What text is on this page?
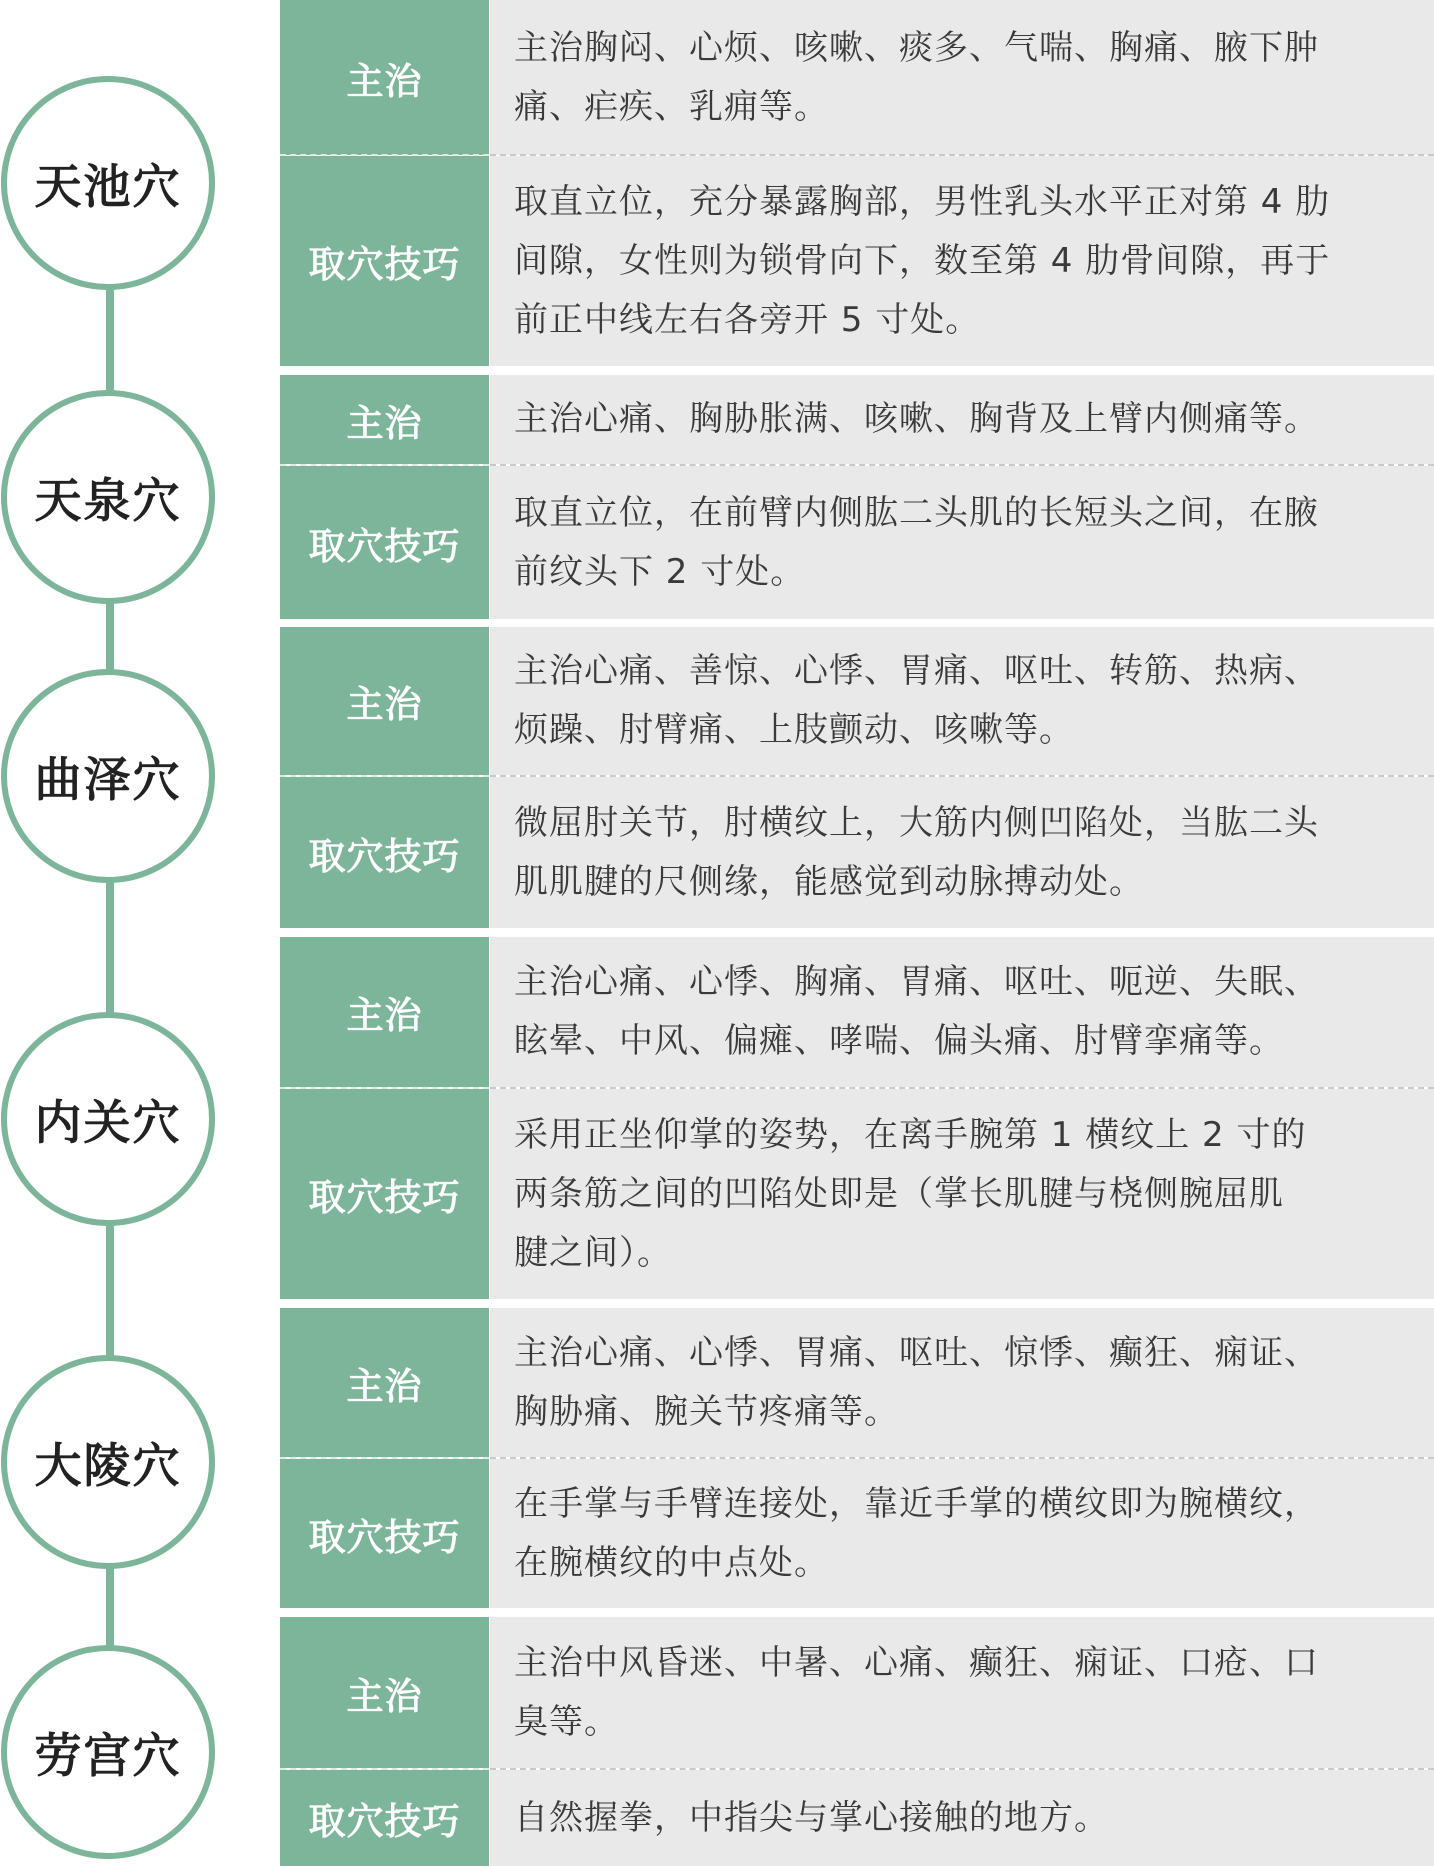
天池穴
天泉穴
曲泽穴
内关穴
大陵穴
劳宫穴
主治
主治胸闷、心烦、咳嗽、痰多、气喘、胸痛、腋下肿
痛、疟疾、乳痈等。
取穴技巧
取直立位，充分暴露胸部，男性乳头水平正对第 4 肋
间隙，女性则为锁骨向下，数至第 4 肋骨间隙，再于
前正中线左右各旁开 5 寸处。
主治	主治心痛、胸胁胀满、咳嗽、胸背及上臂内侧痛等。
取穴技巧
取直立位，在前臂内侧肱二头肌的长短头之间，在腋
前纹头下 2 寸处。
主治
主治心痛、善惊、心悸、胃痛、呕吐、转筋、热病、
烦躁、肘臂痛、上肢颤动、咳嗽等。
取穴技巧
微屈肘关节，肘横纹上，大筋内侧凹陷处，当肱二头
肌肌腱的尺侧缘，能感觉到动脉搏动处。
主治
主治心痛、心悸、胸痛、胃痛、呕吐、呃逆、失眠、
眩晕、中风、偏瘫、哮喘、偏头痛、肘臂挛痛等。
取穴技巧
采用正坐仰掌的姿势，在离手腕第 1 横纹上 2 寸的
两条筋之间的凹陷处即是（掌长肌腱与桡侧腕屈肌
腱之间）。
主治
主治心痛、心悸、胃痛、呕吐、惊悸、癫狂、痫证、
胸胁痛、腕关节疼痛等。
取穴技巧
在手掌与手臂连接处，靠近手掌的横纹即为腕横纹，
在腕横纹的中点处。
主治
主治中风昏迷、中暑、心痛、癫狂、痫证、口疮、口
臭等。
取穴技巧 自然握拳，中指尖与掌心接触的地方。
